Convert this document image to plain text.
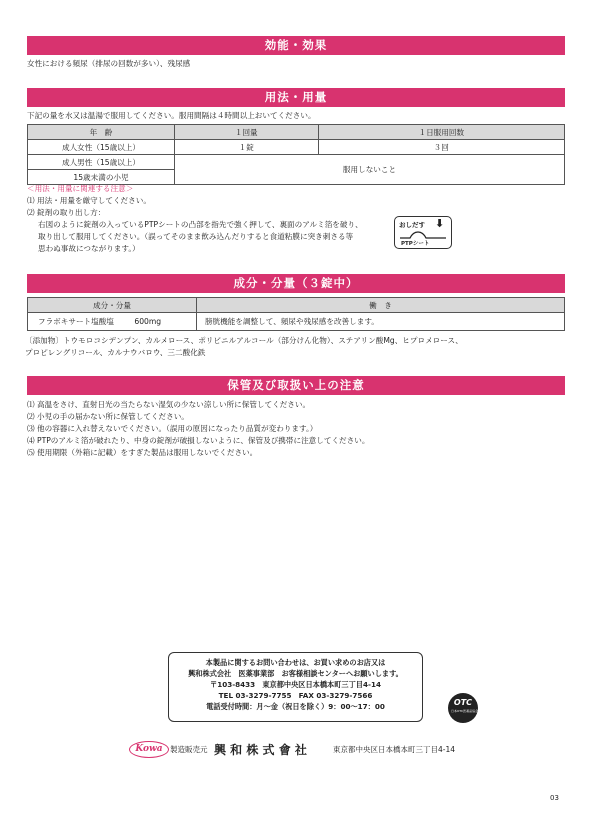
効能・効果
女性における頻尿（排尿の回数が多い）、残尿感
用法・用量
下記の量を水又は温湯で服用してください。服用間隔は４時間以上おいてください。
年　齢	１回量	１日服用回数
成人女性（15歳以上）	１錠	３回
成人男性（15歳以上）	服用しないこと	
15歳未満の小児		
＜用法・用量に関連する注意＞
⑴ 用法・用量を厳守してください。
⑵ 錠剤の取り出し方：
右図のように錠剤の入っているPTPシートの凸部を指先で強く押して、裏面のアルミ箔を破り、
取り出して服用してください。（誤ってそのまま飲み込んだりすると食道粘膜に突き刺さる等
思わぬ事故につながります。）
おしだす ⬇
PTPシート
成分・分量（３錠中）
成分・分量	働　き
フラボキサート塩酸塩 600mg	膀胱機能を調整して、頻尿や残尿感を改善します。
〔添加物〕トウモロコシデンプン、カルメロース、ポリビニルアルコール（部分けん化物）、ステアリン酸Mg、ヒプロメロース、
プロピレングリコール、カルナウバロウ、三二酸化鉄
保管及び取扱い上の注意
⑴ 高温をさけ、直射日光の当たらない湿気の少ない涼しい所に保管してください。
⑵ 小児の手の届かない所に保管してください。
⑶ 他の容器に入れ替えないでください。（誤用の原因になったり品質が変わります。）
⑷ PTPのアルミ箔が破れたり、中身の錠剤が破損しないように、保管及び携帯に注意してください。
⑸ 使用期限（外箱に記載）をすぎた製品は服用しないでください。
本製品に関するお問い合わせは、お買い求めのお店又は
興和株式会社　医薬事業部　お客様相談センターへお願いします。
〒103-8433　東京都中央区日本橋本町三丁目4-14
TEL 03-3279-7755　FAX 03-3279-7566
電話受付時間：月～金（祝日を除く）9：00～17：00	OTC
日本OTC医薬品協会
Kowa 製造販売元 興 和 株 式 會 社	東京都中央区日本橋本町三丁目4-14
03
